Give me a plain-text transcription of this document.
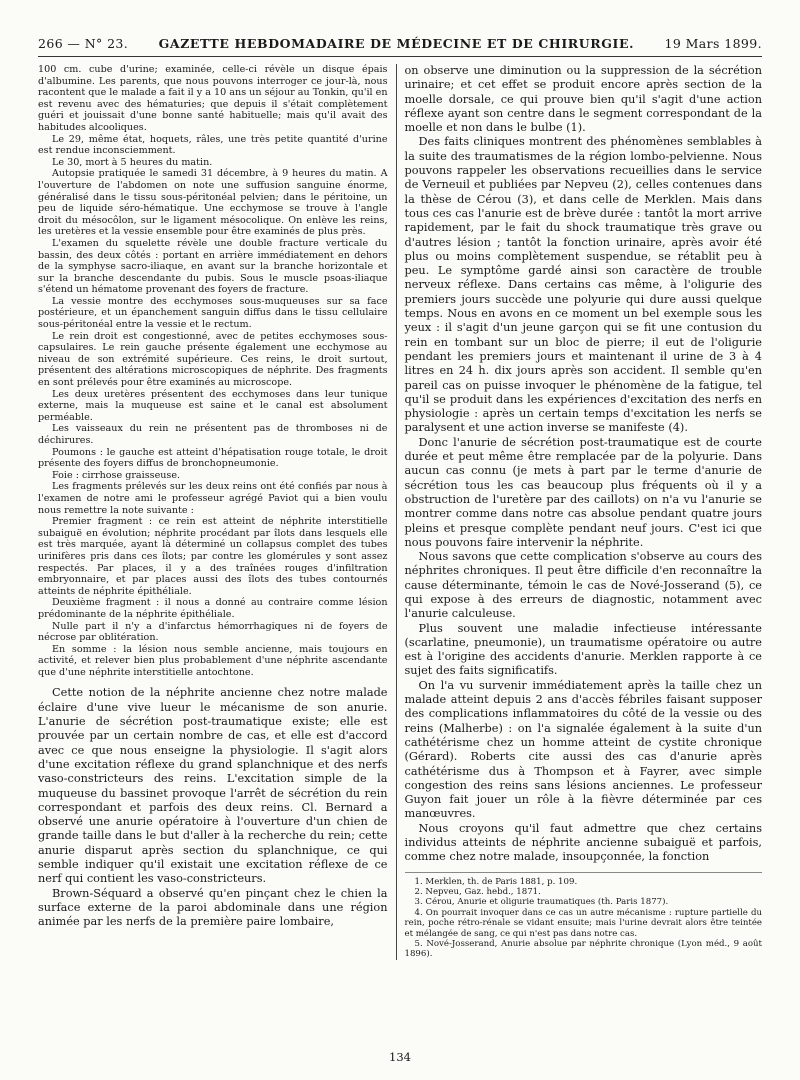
266 — N° 23. GAZETTE HEBDOMADAIRE DE MÉDECINE ET DE CHIRURGIE. 19 Mars 1899.

100 cm. cube d'urine; examinée, celle-ci révèle un disque épais d'albumine. Les parents, que nous pouvons interroger ce jour-là, nous racontent que le malade a fait il y a 10 ans un séjour au Tonkin, qu'il en est revenu avec des hématuries; que depuis il s'était complètement guéri et jouissait d'une bonne santé habituelle; mais qu'il avait des habitudes alcooliques.

Le 29, même état, hoquets, râles, une très petite quantité d'urine est rendue inconsciemment.

Le 30, mort à 5 heures du matin.

Autopsie pratiquée le samedi 31 décembre, à 9 heures du matin. A l'ouverture de l'abdomen on note une suffusion sanguine énorme, généralisé dans le tissu sous-péritonéal pelvien; dans le péritoine, un peu de liquide séro-hématique. Une ecchymose se trouve à l'angle droit du mésocôlon, sur le ligament mésocolique. On enlève les reins, les uretères et la vessie ensemble pour être examinés de plus près.

L'examen du squelette révèle une double fracture verticale du bassin, des deux côtés : portant en arrière immédiatement en dehors de la symphyse sacro-iliaque, en avant sur la branche horizontale et sur la branche descendante du pubis. Sous le muscle psoas-iliaque s'étend un hématome provenant des foyers de fracture.

La vessie montre des ecchymoses sous-muqueuses sur sa face postérieure, et un épanchement sanguin diffus dans le tissu cellulaire sous-péritonéal entre la vessie et le rectum.

Le rein droit est congestionné, avec de petites ecchymoses sous-capsulaires. Le rein gauche présente également une ecchymose au niveau de son extrémité supérieure. Ces reins, le droit surtout, présentent des altérations microscopiques de néphrite. Des fragments en sont prélevés pour être examinés au microscope.

Les deux uretères présentent des ecchymoses dans leur tunique externe, mais la muqueuse est saine et le canal est absolument perméable.

Les vaisseaux du rein ne présentent pas de thromboses ni de déchirures.

Poumons : le gauche est atteint d'hépatisation rouge totale, le droit présente des foyers diffus de bronchopneumonie.

Foie : cirrhose graisseuse.

Les fragments prélevés sur les deux reins ont été confiés par nous à l'examen de notre ami le professeur agrégé Paviot qui a bien voulu nous remettre la note suivante :

Premier fragment : ce rein est atteint de néphrite interstitielle subaiguë en évolution; néphrite procédant par îlots dans lesquels elle est très marquée, ayant là déterminé un collapsus complet des tubes urinifères pris dans ces îlots; par contre les glomérules y sont assez respectés. Par places, il y a des traînées rouges d'infiltration embryonnaire, et par places aussi des îlots des tubes contournés atteints de néphrite épithéliale.

Deuxième fragment : il nous a donné au contraire comme lésion prédominante de la néphrite épithéliale.

Nulle part il n'y a d'infarctus hémorrhagiques ni de foyers de nécrose par oblitération.

En somme : la lésion nous semble ancienne, mais toujours en activité, et relever bien plus probablement d'une néphrite ascendante que d'une néphrite interstitielle antochtone.

Cette notion de la néphrite ancienne chez notre malade éclaire d'une vive lueur le mécanisme de son anurie. L'anurie de sécrétion post-traumatique existe; elle est prouvée par un certain nombre de cas, et elle est d'accord avec ce que nous enseigne la physiologie. Il s'agit alors d'une excitation réflexe du grand splanchnique et des nerfs vaso-constricteurs des reins. L'excitation simple de la muqueuse du bassinet provoque l'arrêt de sécrétion du rein correspondant et parfois des deux reins. Cl. Bernard a observé une anurie opératoire à l'ouverture d'un chien de grande taille dans le but d'aller à la recherche du rein; cette anurie disparut après section du splanchnique, ce qui semble indiquer qu'il existait une excitation réflexe de ce nerf qui contient les vaso-constricteurs.

Brown-Séquard a observé qu'en pinçant chez le chien la surface externe de la paroi abdominale dans une région animée par les nerfs de la première paire lombaire,

on observe une diminution ou la suppression de la sécrétion urinaire; et cet effet se produit encore après section de la moelle dorsale, ce qui prouve bien qu'il s'agit d'une action réflexe ayant son centre dans le segment correspondant de la moelle et non dans le bulbe (1).

Des faits cliniques montrent des phénomènes semblables à la suite des traumatismes de la région lombo-pelvienne. Nous pouvons rappeler les observations recueillies dans le service de Verneuil et publiées par Nepveu (2), celles contenues dans la thèse de Cérou (3), et dans celle de Merklen. Mais dans tous ces cas l'anurie est de brève durée : tantôt la mort arrive rapidement, par le fait du shock traumatique très grave ou d'autres lésion ; tantôt la fonction urinaire, après avoir été plus ou moins complètement suspendue, se rétablit peu à peu. Le symptôme gardé ainsi son caractère de trouble nerveux réflexe. Dans certains cas même, à l'oligurie des premiers jours succède une polyurie qui dure aussi quelque temps. Nous en avons en ce moment un bel exemple sous les yeux : il s'agit d'un jeune garçon qui se fit une contusion du rein en tombant sur un bloc de pierre; il eut de l'oligurie pendant les premiers jours et maintenant il urine de 3 à 4 litres en 24 h. dix jours après son accident. Il semble qu'en pareil cas on puisse invoquer le phénomène de la fatigue, tel qu'il se produit dans les expériences d'excitation des nerfs en physiologie : après un certain temps d'excitation les nerfs se paralysent et une action inverse se manifeste (4).

Donc l'anurie de sécrétion post-traumatique est de courte durée et peut même être remplacée par de la polyurie. Dans aucun cas connu (je mets à part par le terme d'anurie de sécrétion tous les cas beaucoup plus fréquents où il y a obstruction de l'uretère par des caillots) on n'a vu l'anurie se montrer comme dans notre cas absolue pendant quatre jours pleins et presque complète pendant neuf jours. C'est ici que nous pouvons faire intervenir la néphrite.

Nous savons que cette complication s'observe au cours des néphrites chroniques. Il peut être difficile d'en reconnaître la cause déterminante, témoin le cas de Nové-Josserand (5), ce qui expose à des erreurs de diagnostic, notamment avec l'anurie calculeuse.

Plus souvent une maladie infectieuse intéressante (scarlatine, pneumonie), un traumatisme opératoire ou autre est à l'origine des accidents d'anurie. Merklen rapporte à ce sujet des faits significatifs.

On l'a vu survenir immédiatement après la taille chez un malade atteint depuis 2 ans d'accès fébriles faisant supposer des complications inflammatoires du côté de la vessie ou des reins (Malherbe) : on l'a signalée également à la suite d'un cathétérisme chez un homme atteint de cystite chronique (Gérard). Roberts cite aussi des cas d'anurie après cathétérisme dus à Thompson et à Fayrer, avec simple congestion des reins sans lésions anciennes. Le professeur Guyon fait jouer un rôle à la fièvre déterminée par ces manœuvres.

Nous croyons qu'il faut admettre que chez certains individus atteints de néphrite ancienne subaiguë et parfois, comme chez notre malade, insoupçonnée, la fonction

1. Merklen, th. de Paris 1881, p. 109.

2. Nepveu, Gaz. hebd., 1871.

3. Cérou, Anurie et oligurie traumatiques (th. Paris 1877).

4. On pourrait invoquer dans ce cas un autre mécanisme : rupture partielle du rein, poche rétro-rénale se vidant ensuite; mais l'urine devrait alors être teintée et mélangée de sang, ce qui n'est pas dans notre cas.

5. Nové-Josserand, Anurie absolue par néphrite chronique (Lyon méd., 9 août 1896).

134
